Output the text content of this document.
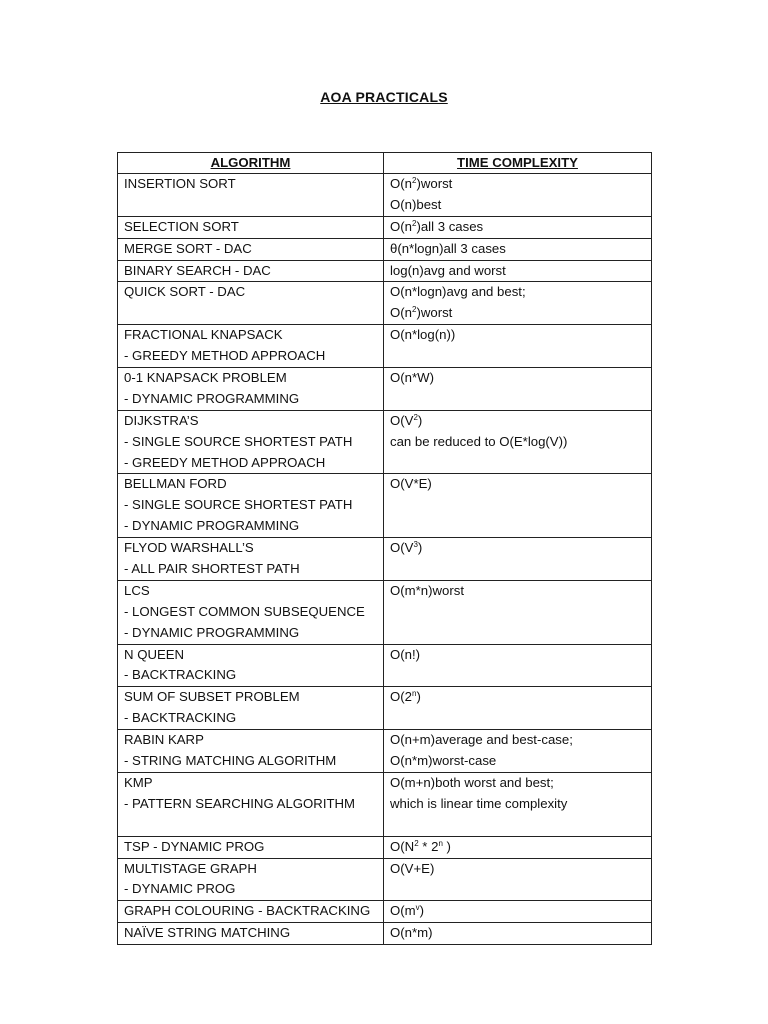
AOA PRACTICALS
ALGORITHM	TIME COMPLEXITY

INSERTION SORT	$O(n^2)worst$
O(n)best

SELECTION SORT	$O(n^2)all$ 3 cases

MERGE SORT - DAC	θ(n*logn)all 3 cases

BINARY SEARCH - DAC	log(n)avg and worst

QUICK SORT - DAC	O(n*logn)avg and best;
$O(n^2)worst$

FRACTIONAL KNAPSACK
- GREEDY METHOD APPROACH	O(n*log(n))

0-1 KNAPSACK PROBLEM
- DYNAMIC PROGRAMMING	O(n*W)

DIJKSTRA’S
- SINGLE SOURCE SHORTEST PATH
- GREEDY METHOD APPROACH	$O(V^2)$
can be reduced to O(E*log(V))

BELLMAN FORD
- SINGLE SOURCE SHORTEST PATH
- DYNAMIC PROGRAMMING	O(V*E)

FLYOD WARSHALL’S
- ALL PAIR SHORTEST PATH	$O(V^3)$

LCS
- LONGEST COMMON SUBSEQUENCE
- DYNAMIC PROGRAMMING	O(m*n)worst

N QUEEN
- BACKTRACKING	O(n!)

SUM OF SUBSET PROBLEM
- BACKTRACKING	O(2$^n$)

RABIN KARP
- STRING MATCHING ALGORITHM	O(n+m)average and best-case;
O(n*m)worst-case

KMP
- PATTERN SEARCHING ALGORITHM	O(m+n)both worst and best;
which is linear time complexity

TSP - DYNAMIC PROG	$O(N^2 * 2^n$ )

MULTISTAGE GRAPH
- DYNAMIC PROG	O(V+E)

GRAPH COLOURING - BACKTRACKING	$O(m^v)$

NAÏVE STRING MATCHING	O(n*m)
